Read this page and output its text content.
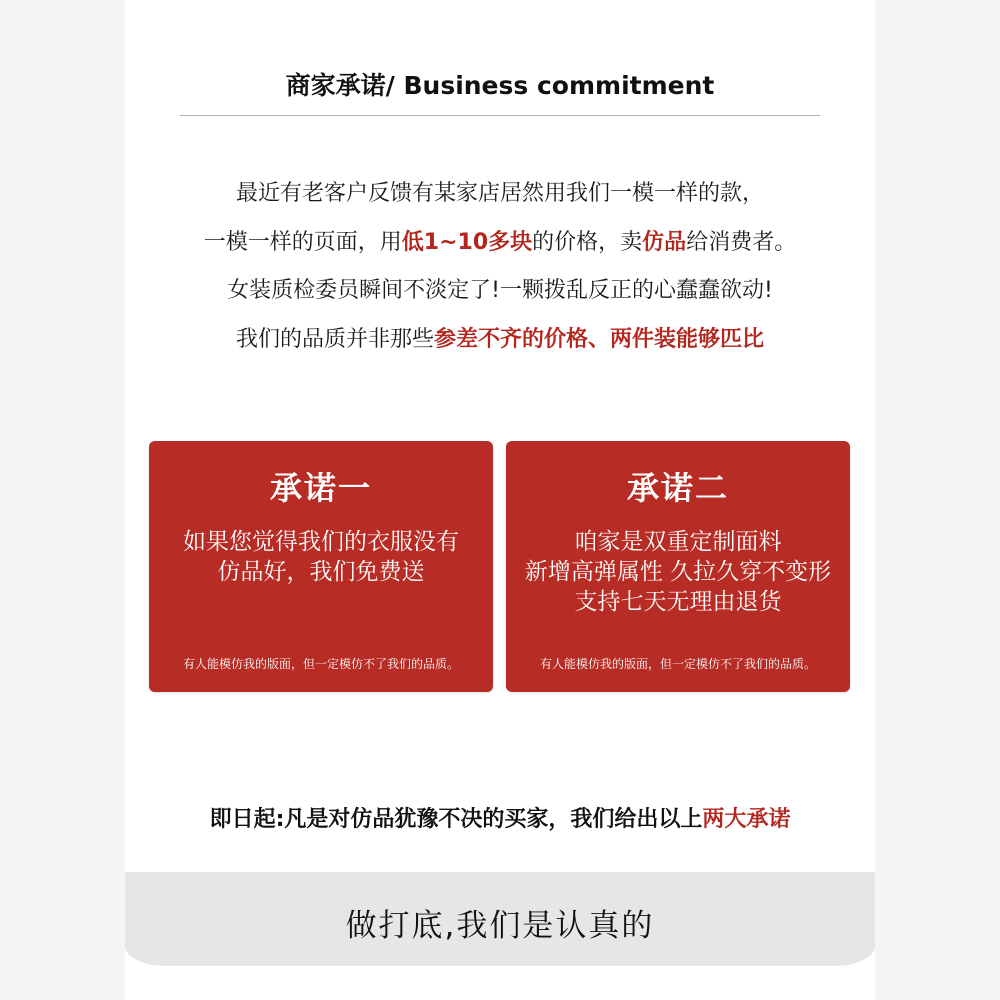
商家承诺/ Business commitment
最近有老客户反馈有某家店居然用我们一模一样的款，
一模一样的页面，用低1~10多块的价格，卖仿品给消费者。
女装质检委员瞬间不淡定了!一颗拨乱反正的心蠢蠢欲动!
我们的品质并非那些参差不齐的价格、两件装能够匹比
承诺一
如果您觉得我们的衣服没有
仿品好，我们免费送
有人能模仿我的版面，但一定模仿不了我们的品质。
承诺二
咱家是双重定制面料
新增高弹属性 久拉久穿不变形
支持七天无理由退货
有人能模仿我的版面，但一定模仿不了我们的品质。
即日起:凡是对仿品犹豫不决的买家，我们给出以上两大承诺
做打底,我们是认真的
